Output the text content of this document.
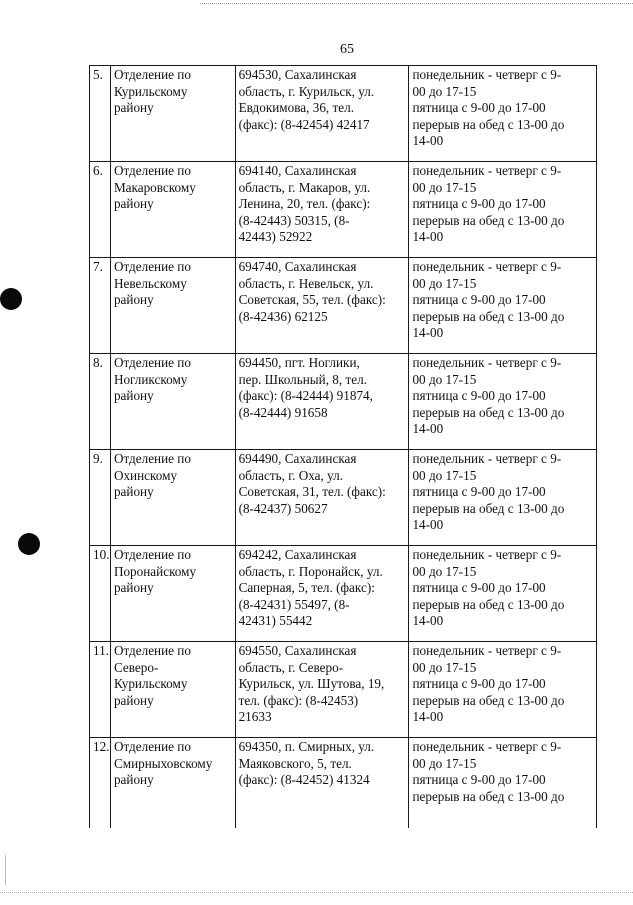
65
5.	Отделение по
Курильскому
району	694530, Сахалинская
область, г. Курильск, ул.
Евдокимова, 36, тел.
(факс): (8-42454) 42417	понедельник - четверг с 9-
00 до 17-15
пятница с 9-00 до 17-00
перерыв на обед с 13-00 до
14-00

6.	Отделение по
Макаровскому
району	694140, Сахалинская
область, г. Макаров, ул.
Ленина, 20, тел. (факс):
(8-42443) 50315, (8-
42443) 52922	понедельник - четверг с 9-
00 до 17-15
пятница с 9-00 до 17-00
перерыв на обед с 13-00 до
14-00

7.	Отделение по
Невельскому
району	694740, Сахалинская
область, г. Невельск, ул.
Советская, 55, тел. (факс):
(8-42436) 62125	понедельник - четверг с 9-
00 до 17-15
пятница с 9-00 до 17-00
перерыв на обед с 13-00 до
14-00

8.	Отделение по
Ногликскому
району	694450, пгт. Ноглики,
пер. Школьный, 8, тел.
(факс): (8-42444) 91874,
(8-42444) 91658	понедельник - четверг с 9-
00 до 17-15
пятница с 9-00 до 17-00
перерыв на обед с 13-00 до
14-00

9.	Отделение по
Охинскому
району	694490, Сахалинская
область, г. Оха, ул.
Советская, 31, тел. (факс):
(8-42437) 50627	понедельник - четверг с 9-
00 до 17-15
пятница с 9-00 до 17-00
перерыв на обед с 13-00 до
14-00

10.	Отделение по
Поронайскому
району	694242, Сахалинская
область, г. Поронайск, ул.
Саперная, 5, тел. (факс):
(8-42431) 55497, (8-
42431) 55442	понедельник - четверг с 9-
00 до 17-15
пятница с 9-00 до 17-00
перерыв на обед с 13-00 до
14-00

11.	Отделение по
Северо-
Курильскому
району	694550, Сахалинская
область, г. Северо-
Курильск, ул. Шутова, 19,
тел. (факс): (8-42453)
21633	понедельник - четверг с 9-
00 до 17-15
пятница с 9-00 до 17-00
перерыв на обед с 13-00 до
14-00

12.	Отделение по
Смирныховскому
району	694350, п. Смирных, ул.
Маяковского, 5, тел.
(факс): (8-42452) 41324	понедельник - четверг с 9-
00 до 17-15
пятница с 9-00 до 17-00
перерыв на обед с 13-00 до
